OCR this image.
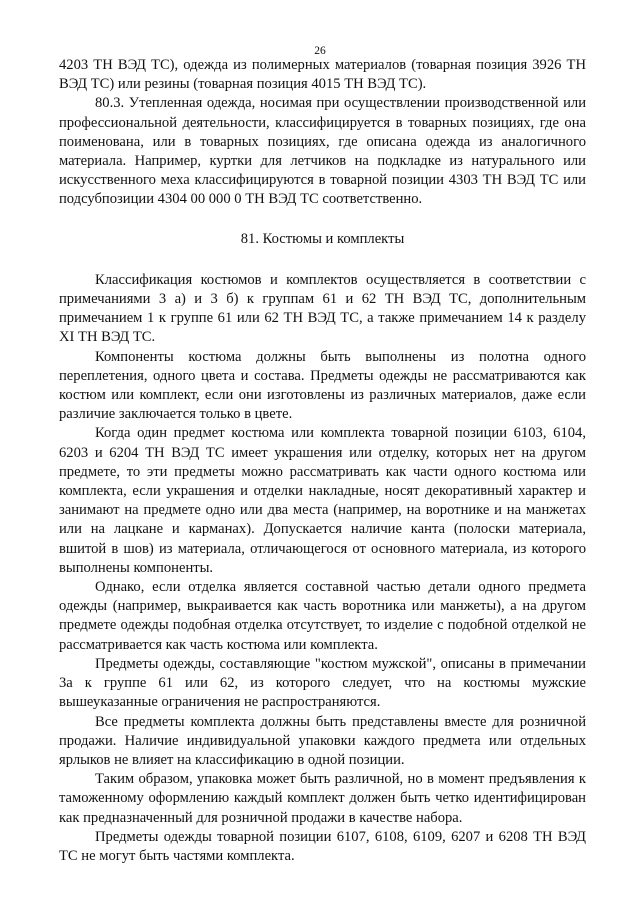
26

4203 ТН ВЭД ТС), одежда из полимерных материалов (товарная позиция 3926 ТН ВЭД ТС) или резины (товарная позиция 4015 ТН ВЭД ТС).

80.3. Утепленная одежда, носимая при осуществлении производственной или профессиональной деятельности, классифицируется в товарных позициях, где она поименована, или в товарных позициях, где описана одежда из аналогичного материала. Например, куртки для летчиков на подкладке из натурального или искусственного меха классифицируются в товарной позиции 4303 ТН ВЭД ТС или подсубпозиции 4304 00 000 0 ТН ВЭД ТС соответственно.

81. Костюмы и комплекты

Классификация костюмов и комплектов осуществляется в соответствии с примечаниями 3 а) и 3 б) к группам 61 и 62 ТН ВЭД ТС, дополнительным примечанием 1 к группе 61 или 62 ТН ВЭД ТС, а также примечанием 14 к разделу XI ТН ВЭД ТС.

Компоненты костюма должны быть выполнены из полотна одного переплетения, одного цвета и состава. Предметы одежды не рассматриваются как костюм или комплект, если они изготовлены из различных материалов, даже если различие заключается только в цвете.

Когда один предмет костюма или комплекта товарной позиции 6103, 6104, 6203 и 6204 ТН ВЭД ТС имеет украшения или отделку, которых нет на другом предмете, то эти предметы можно рассматривать как части одного костюма или комплекта, если украшения и отделки накладные, носят декоративный характер и занимают на предмете одно или два места (например, на воротнике и на манжетах или на лацкане и карманах). Допускается наличие канта (полоски материала, вшитой в шов) из материала, отличающегося от основного материала, из которого выполнены компоненты.

Однако, если отделка является составной частью детали одного предмета одежды (например, выкраивается как часть воротника или манжеты), а на другом предмете одежды подобная отделка отсутствует, то изделие с подобной отделкой не рассматривается как часть костюма или комплекта.

Предметы одежды, составляющие "костюм мужской", описаны в примечании 3а к группе 61 или 62, из которого следует, что на костюмы мужские вышеуказанные ограничения не распространяются.

Все предметы комплекта должны быть представлены вместе для розничной продажи. Наличие индивидуальной упаковки каждого предмета или отдельных ярлыков не влияет на классификацию в одной позиции.

Таким образом, упаковка может быть различной, но в момент предъявления к таможенному оформлению каждый комплект должен быть четко идентифицирован как предназначенный для розничной продажи в качестве набора.

Предметы одежды товарной позиции 6107, 6108, 6109, 6207 и 6208 ТН ВЭД ТС не могут быть частями комплекта.
